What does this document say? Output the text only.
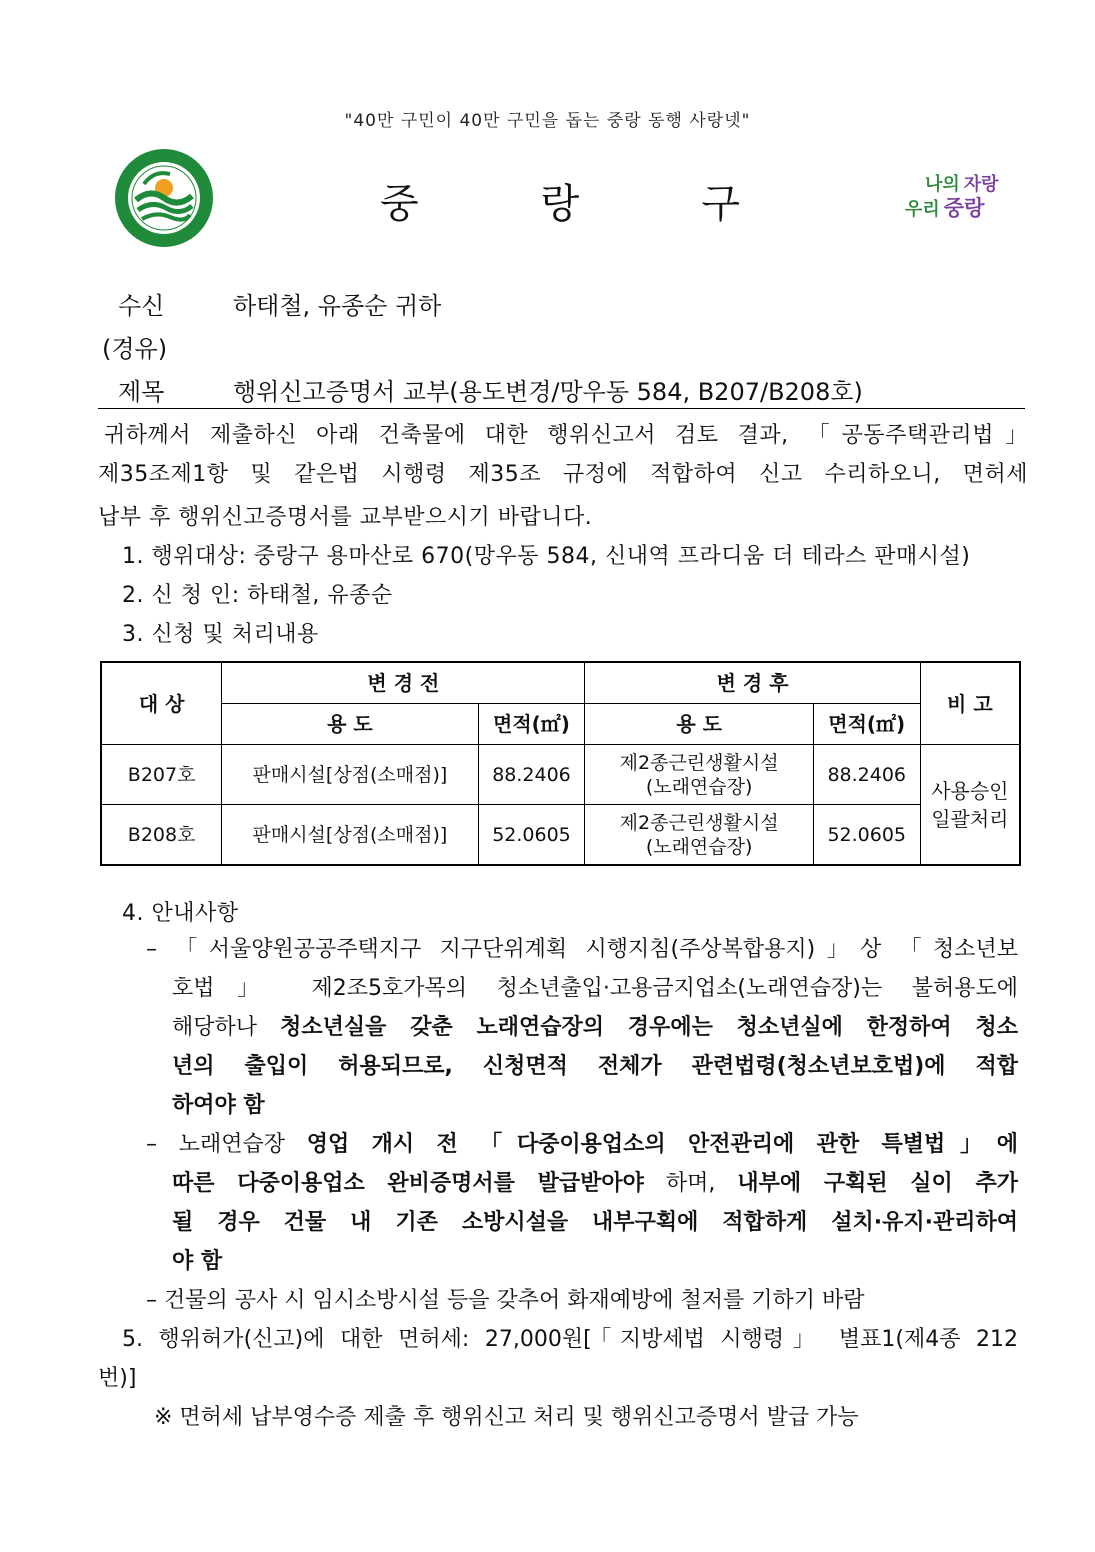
"40만 구민이 40만 구민을 돕는 중랑 동행 사랑넷"
중	랑	구	나의 자랑
우리 중랑
수신	하태철, 유종순 귀하
(경유)
제목	행위신고증명서 교부(용도변경/망우동 584, B207/B208호)
귀하께서 제출하신 아래 건축물에 대한 행위신고서 검토 결과, 「공동주택관리법」
제35조제1항 및 같은법 시행령 제35조 규정에 적합하여 신고 수리하오니, 면허세
납부 후 행위신고증명서를 교부받으시기 바랍니다.
1. 행위대상: 중랑구 용마산로 670(망우동 584, 신내역 프라디움 더 테라스 판매시설)
2. 신 청 인: 하태철, 유종순
3. 신청 및 처리내용
대 상	변 경 전		변 경 후		비 고
	용 도	면적(㎡)	용 도	면적(㎡)	
B207호	판매시설[상점(소매점)]	88.2406	제2종근린생활시설
(노래연습장)	88.2406	사용승인
일괄처리
B208호	판매시설[상점(소매점)]	52.0605	제2종근린생활시설
(노래연습장)	52.0605	
4. 안내사항
– 「서울양원공공주택지구 지구단위계획 시행지침(주상복합용지)」상 「청소년보
호법」 제2조5호가목의 청소년출입·고용금지업소(노래연습장)는 불허용도에
해당하나 청소년실을 갖춘 노래연습장의 경우에는 청소년실에 한정하여 청소
년의 출입이 허용되므로, 신청면적 전체가 관련법령(청소년보호법)에 적합
하여야 함
– 노래연습장 영업 개시 전 「다중이용업소의 안전관리에 관한 특별법」에
따른 다중이용업소 완비증명서를 발급받아야 하며, 내부에 구획된 실이 추가
될 경우 건물 내 기존 소방시설을 내부구획에 적합하게 설치·유지·관리하여
야 함
– 건물의 공사 시 임시소방시설 등을 갖추어 화재예방에 철저를 기하기 바람
5. 행위허가(신고)에 대한 면허세: 27,000원[「지방세법 시행령」 별표1(제4종 212
번)]
※ 면허세 납부영수증 제출 후 행위신고 처리 및 행위신고증명서 발급 가능
